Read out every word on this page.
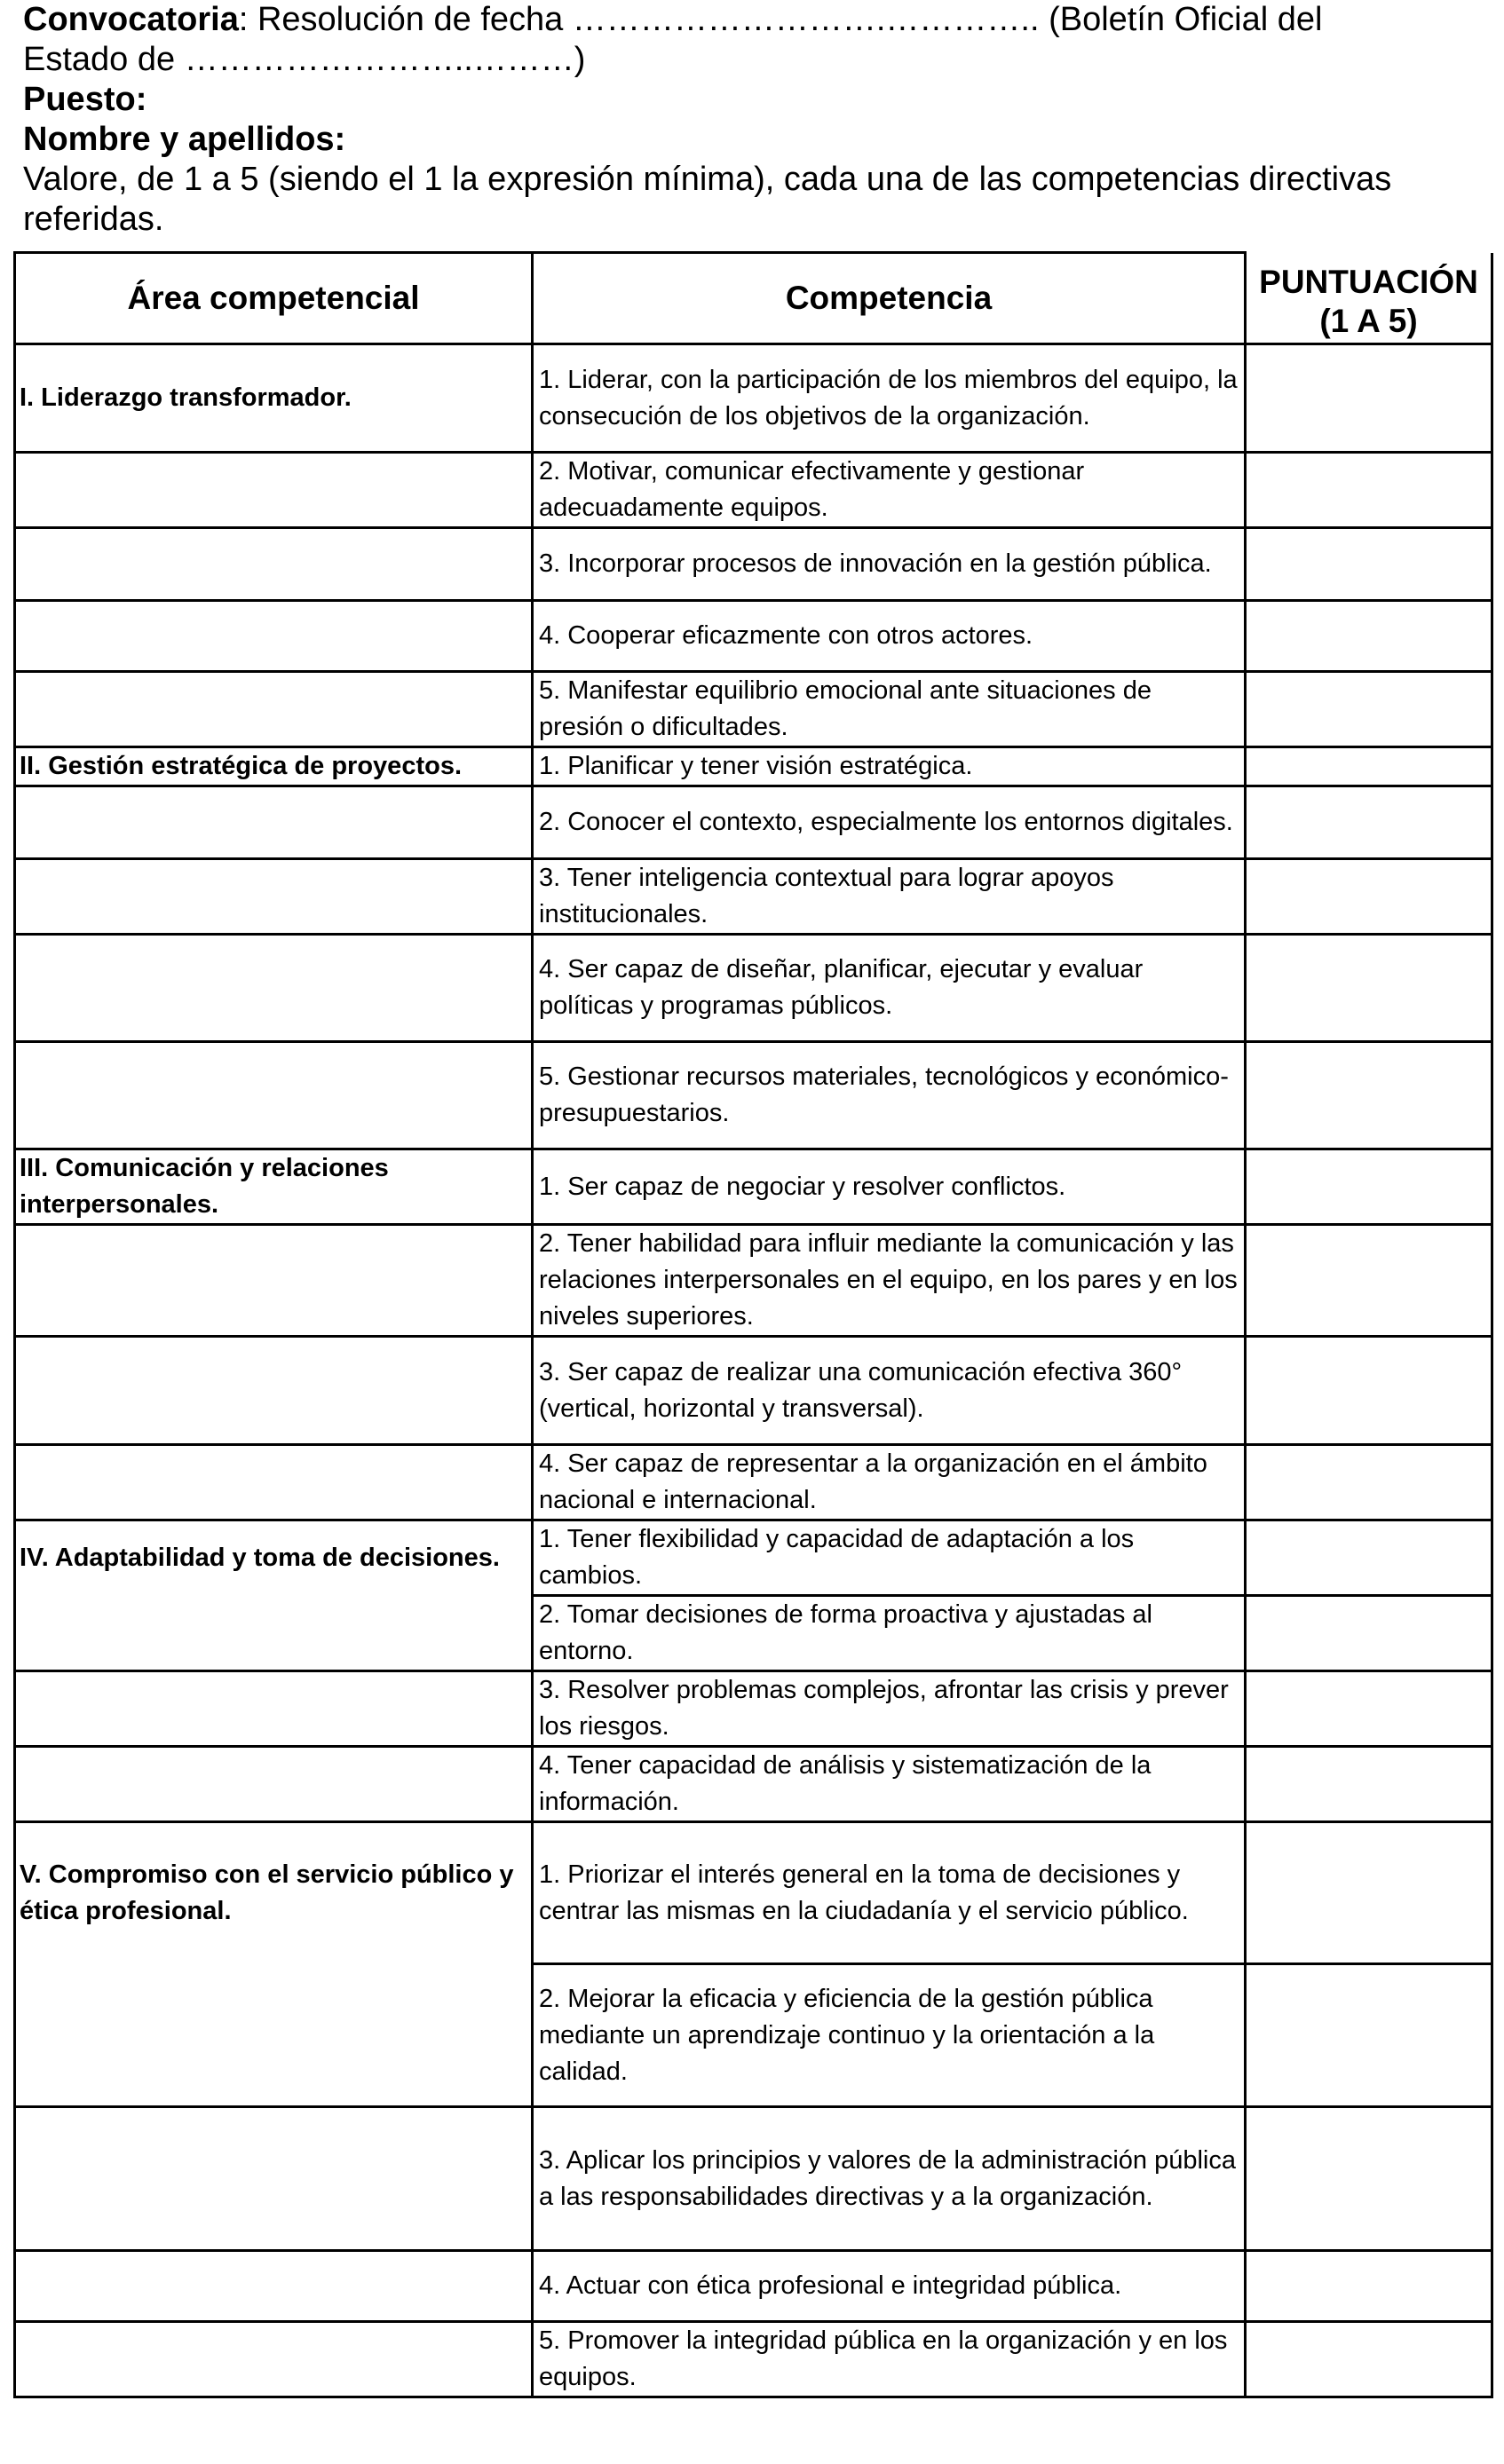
Convocatoria: Resolución de fecha ……………………….………….. (Boletín Oficial del
Estado de ……………………..………)
Puesto:
Nombre y apellidos:
Valore, de 1 a 5 (siendo el 1 la expresión mínima), cada una de las competencias directivas
referidas.
Área competencial	Competencia	PUNTUACIÓN
(1 A 5)
I. Liderazgo transformador.	1. Liderar, con la participación de los miembros del equipo, la consecución de los objetivos de la organización.	
	2. Motivar, comunicar efectivamente y gestionar adecuadamente equipos.	
	3. Incorporar procesos de innovación en la gestión pública.	
	4. Cooperar eficazmente con otros actores.	
	5. Manifestar equilibrio emocional ante situaciones de presión o dificultades.	
II. Gestión estratégica de proyectos.	1. Planificar y tener visión estratégica.	
	2. Conocer el contexto, especialmente los entornos digitales.	
	3. Tener inteligencia contextual para lograr apoyos institucionales.	
	4. Ser capaz de diseñar, planificar, ejecutar y evaluar políticas y programas públicos.	
	5. Gestionar recursos materiales, tecnológicos y económico-presupuestarios.	
III. Comunicación y relaciones interpersonales.	1. Ser capaz de negociar y resolver conflictos.	
	2. Tener habilidad para influir mediante la comunicación y las relaciones interpersonales en el equipo, en los pares y en los niveles superiores.	
	3. Ser capaz de realizar una comunicación efectiva 360° (vertical, horizontal y transversal).	
	4. Ser capaz de representar a la organización en el ámbito nacional e internacional.	
IV. Adaptabilidad y toma de decisiones.	1. Tener flexibilidad y capacidad de adaptación a los cambios.	
	2. Tomar decisiones de forma proactiva y ajustadas al entorno.	
	3. Resolver problemas complejos, afrontar las crisis y prever los riesgos.	
	4. Tener capacidad de análisis y sistematización de la información.	
V. Compromiso con el servicio público y ética profesional.	1. Priorizar el interés general en la toma de decisiones y centrar las mismas en la ciudadanía y el servicio público.	
	2. Mejorar la eficacia y eficiencia de la gestión pública mediante un aprendizaje continuo y la orientación a la calidad.	
	3. Aplicar los principios y valores de la administración pública a las responsabilidades directivas y a la organización.	
	4. Actuar con ética profesional e integridad pública.	
	5. Promover la integridad pública en la organización y en los equipos.	
